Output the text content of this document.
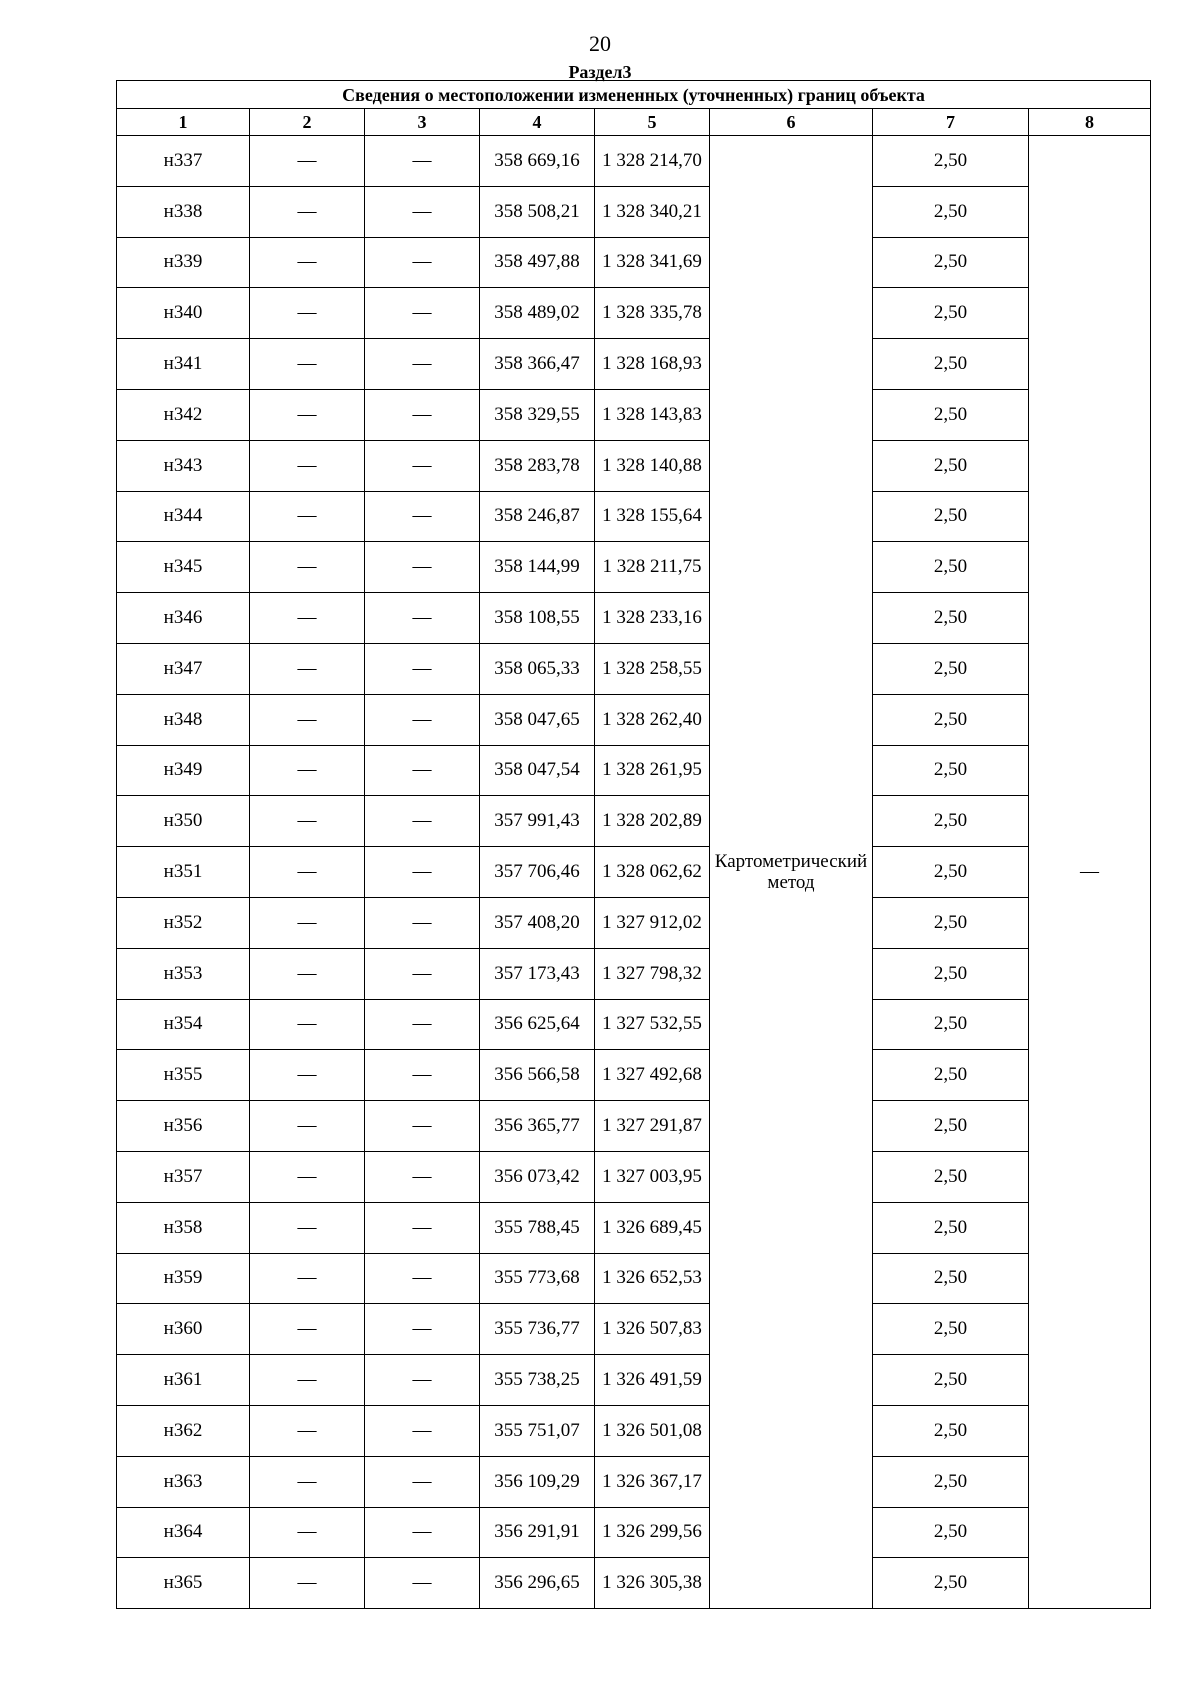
20
Раздел3
Сведения о местоположении измененных (уточненных) границ объекта							
1	2	3	4	5	6	7	8
н337	—	—	358 669,16	1 328 214,70	Картометрический метод	2,50	—
н338	—	—	358 508,21	1 328 340,21		2,50	
н339	—	—	358 497,88	1 328 341,69		2,50	
н340	—	—	358 489,02	1 328 335,78		2,50	
н341	—	—	358 366,47	1 328 168,93		2,50	
н342	—	—	358 329,55	1 328 143,83		2,50	
н343	—	—	358 283,78	1 328 140,88		2,50	
н344	—	—	358 246,87	1 328 155,64		2,50	
н345	—	—	358 144,99	1 328 211,75		2,50	
н346	—	—	358 108,55	1 328 233,16		2,50	
н347	—	—	358 065,33	1 328 258,55		2,50	
н348	—	—	358 047,65	1 328 262,40		2,50	
н349	—	—	358 047,54	1 328 261,95		2,50	
н350	—	—	357 991,43	1 328 202,89		2,50	
н351	—	—	357 706,46	1 328 062,62		2,50	
н352	—	—	357 408,20	1 327 912,02		2,50	
н353	—	—	357 173,43	1 327 798,32		2,50	
н354	—	—	356 625,64	1 327 532,55		2,50	
н355	—	—	356 566,58	1 327 492,68		2,50	
н356	—	—	356 365,77	1 327 291,87		2,50	
н357	—	—	356 073,42	1 327 003,95		2,50	
н358	—	—	355 788,45	1 326 689,45		2,50	
н359	—	—	355 773,68	1 326 652,53		2,50	
н360	—	—	355 736,77	1 326 507,83		2,50	
н361	—	—	355 738,25	1 326 491,59		2,50	
н362	—	—	355 751,07	1 326 501,08		2,50	
н363	—	—	356 109,29	1 326 367,17		2,50	
н364	—	—	356 291,91	1 326 299,56		2,50	
н365	—	—	356 296,65	1 326 305,38		2,50	
